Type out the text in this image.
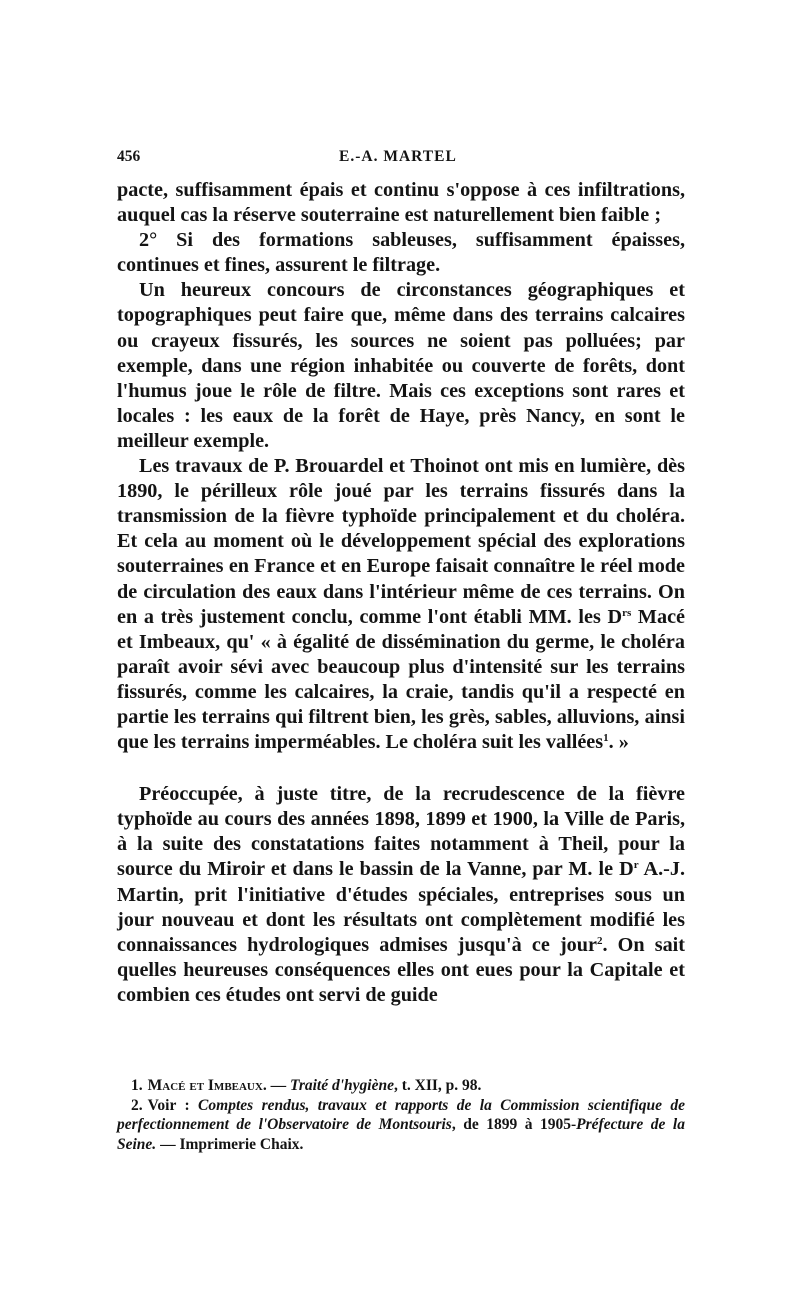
456	E.-A. MARTEL

pacte, suffisamment épais et continu s'oppose à ces infiltrations, auquel cas la réserve souterraine est naturellement bien faible ;

2° Si des formations sableuses, suffisamment épaisses, continues et fines, assurent le filtrage.

Un heureux concours de circonstances géographiques et topographiques peut faire que, même dans des terrains calcaires ou crayeux fissurés, les sources ne soient pas polluées; par exemple, dans une région inhabitée ou couverte de forêts, dont l'humus joue le rôle de filtre. Mais ces exceptions sont rares et locales : les eaux de la forêt de Haye, près Nancy, en sont le meilleur exemple.

Les travaux de P. Brouardel et Thoinot ont mis en lumière, dès 1890, le périlleux rôle joué par les terrains fissurés dans la transmission de la fièvre typhoïde principalement et du choléra. Et cela au moment où le développement spécial des explorations souterraines en France et en Europe faisait connaître le réel mode de circulation des eaux dans l'intérieur même de ces terrains. On en a très justement conclu, comme l'ont établi MM. les $D^{rs}$ Macé et Imbeaux, qu' « à égalité de dissémination du germe, le choléra paraît avoir sévi avec beaucoup plus d'intensité sur les terrains fissurés, comme les calcaires, la craie, tandis qu'il a respecté en partie les terrains qui filtrent bien, les grès, sables, alluvions, ainsi que les terrains imperméables. Le choléra suit les vallées$^1$. »

Préoccupée, à juste titre, de la recrudescence de la fièvre typhoïde au cours des années 1898, 1899 et 1900, la Ville de Paris, à la suite des constatations faites notamment à Theil, pour la source du Miroir et dans le bassin de la Vanne, par M. le $D^r$ A.-J. Martin, prit l'initiative d'études spéciales, entreprises sous un jour nouveau et dont les résultats ont complètement modifié les connaissances hydrologiques admises jusqu'à ce jour$^2$. On sait quelles heureuses conséquences elles ont eues pour la Capitale et combien ces études ont servi de guide

1. Macé et Imbeaux. — Traité d'hygiène, t. XII, p. 98.

2. Voir : Comptes rendus, travaux et rapports de la Commission scientifique de perfectionnement de l'Observatoire de Montsouris, de 1899 à 1905-Préfecture de la Seine. — Imprimerie Chaix.
